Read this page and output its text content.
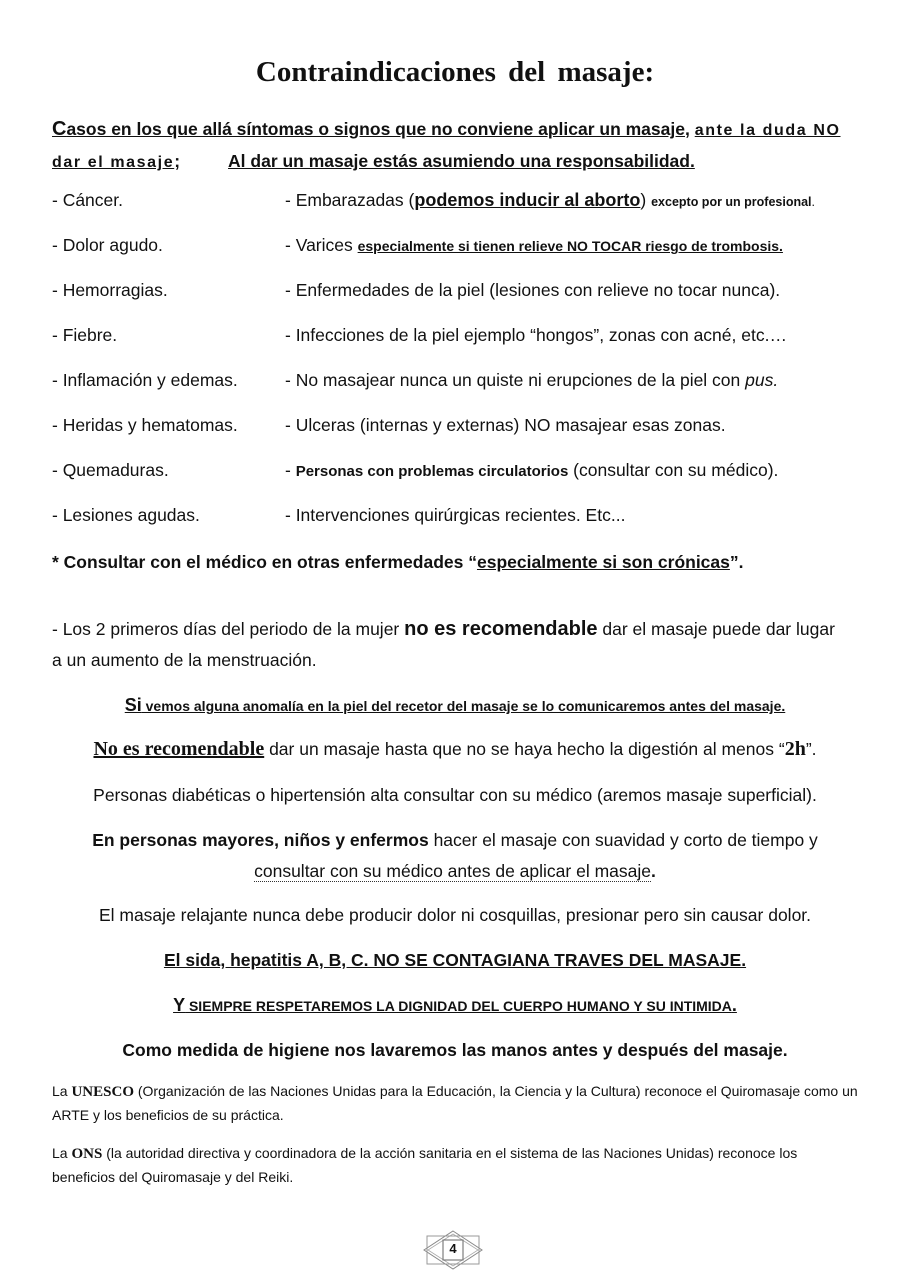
Contraindicaciones del masaje:
Casos en los que allá síntomas o signos que no conviene aplicar un masaje, ante la duda NO dar el masaje;	Al dar un masaje estás asumiendo una responsabilidad.
- Cáncer.	- Embarazadas (podemos inducir al aborto) excepto por un profesional.
- Dolor agudo.	- Varices especialmente si tienen relieve NO TOCAR riesgo de trombosis.
- Hemorragias.	- Enfermedades de la piel (lesiones con relieve no tocar nunca).
- Fiebre.	- Infecciones de la piel ejemplo “hongos”, zonas con acné, etc.…
- Inflamación y edemas.	- No masajear nunca un quiste ni erupciones de la piel con pus.
- Heridas y hematomas.	- Ulceras (internas y externas) NO masajear esas zonas.
- Quemaduras.	- Personas con problemas circulatorios (consultar con su médico).
- Lesiones agudas.	- Intervenciones quirúrgicas recientes. Etc...
* Consultar con el médico en otras enfermedades “especialmente si son crónicas”.
- Los 2 primeros días del periodo de la mujer no es recomendable dar el masaje puede dar lugar a un aumento de la menstruación.
Si vemos alguna anomalía en la piel del recetor del masaje se lo comunicaremos antes del masaje.
No es recomendable dar un masaje hasta que no se haya hecho la digestión al menos “2h”.
Personas diabéticas o hipertensión alta consultar con su médico (aremos masaje superficial).
En personas mayores, niños y enfermos hacer el masaje con suavidad y corto de tiempo y
consultar con su médico antes de aplicar el masaje.
El masaje relajante nunca debe producir dolor ni cosquillas, presionar pero sin causar dolor.
El sida, hepatitis A, B, C. NO SE CONTAGIANA TRAVES DEL MASAJE.
Y SIEMPRE RESPETAREMOS LA DIGNIDAD DEL CUERPO HUMANO Y SU INTIMIDA.
Como medida de higiene nos lavaremos las manos antes y después del masaje.
La UNESCO (Organización de las Naciones Unidas para la Educación, la Ciencia y la Cultura) reconoce el Quiromasaje como un ARTE y los beneficios de su práctica.
La ONS (la autoridad directiva y coordinadora de la acción sanitaria en el sistema de las Naciones Unidas) reconoce los beneficios del Quiromasaje y del Reiki.
4
